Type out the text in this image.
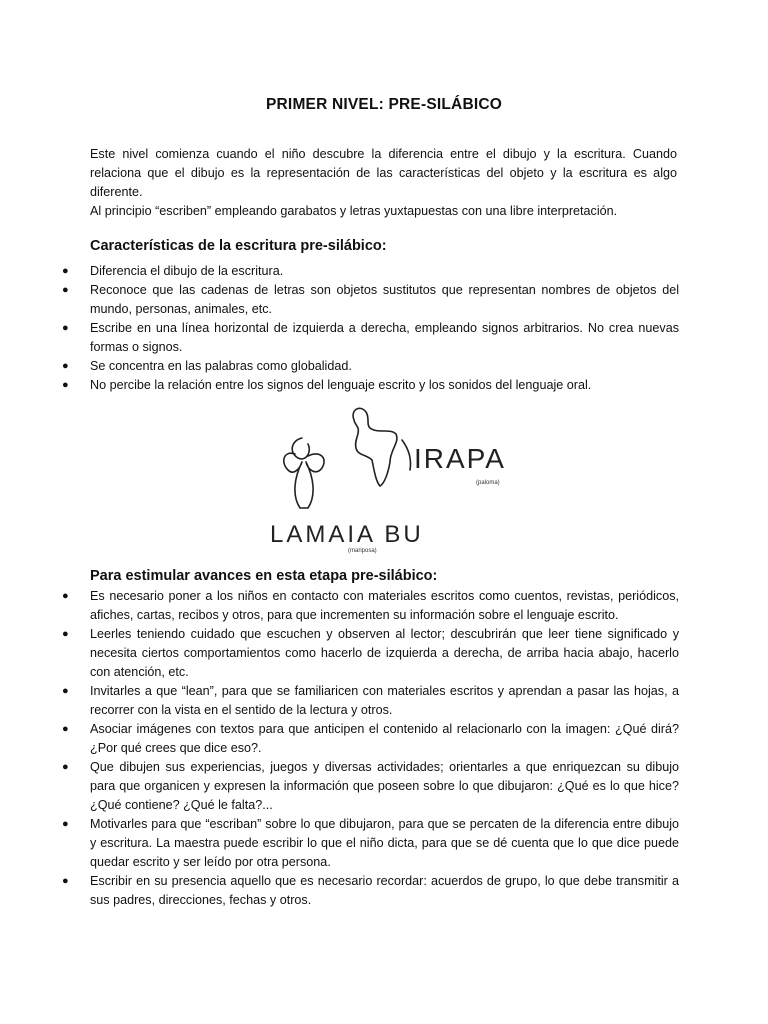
PRIMER NIVEL: PRE-SILÁBICO

Este nivel comienza cuando el niño descubre la diferencia entre el dibujo y la escritura. Cuando relaciona que el dibujo es la representación de las características del objeto y la escritura es algo diferente.

Al principio “escriben” empleando garabatos y letras yuxtapuestas con una libre interpretación.

Características de la escritura pre-silábico:
● Diferencia el dibujo de la escritura.
● Reconoce que las cadenas de letras son objetos sustitutos que representan nombres de objetos del mundo, personas, animales, etc.
● Escribe en una línea horizontal de izquierda a derecha, empleando signos arbitrarios. No crea nuevas formas o signos.
● Se concentra en las palabras como globalidad.
● No percibe la relación entre los signos del lenguaje escrito y los sonidos del lenguaje oral.
IRAPA
(paloma)
LAMAIA BU
(mariposa)
Para estimular avances en esta etapa pre-silábico:
● Es necesario poner a los niños en contacto con materiales escritos como cuentos, revistas, periódicos, afiches, cartas, recibos y otros, para que incrementen su información sobre el lenguaje escrito.
● Leerles teniendo cuidado que escuchen y observen al lector; descubrirán que leer tiene significado y necesita ciertos comportamientos como hacerlo de izquierda a derecha, de arriba hacia abajo, hacerlo con atención, etc.
● Invitarles a que “lean”, para que se familiaricen con materiales escritos y aprendan a pasar las hojas, a recorrer con la vista en el sentido de la lectura y otros.
● Asociar imágenes con textos para que anticipen el contenido al relacionarlo con la imagen: ¿Qué dirá? ¿Por qué crees que dice eso?.
● Que dibujen sus experiencias, juegos y diversas actividades; orientarles a que enriquezcan su dibujo para que organicen y expresen la información que poseen sobre lo que dibujaron: ¿Qué es lo que hice? ¿Qué contiene? ¿Qué le falta?...
● Motivarles para que “escriban” sobre lo que dibujaron, para que se percaten de la diferencia entre dibujo y escritura. La maestra puede escribir lo que el niño dicta, para que se dé cuenta que lo que dice puede quedar escrito y ser leído por otra persona.
● Escribir en su presencia aquello que es necesario recordar: acuerdos de grupo, lo que debe transmitir a sus padres, direcciones, fechas y otros.
